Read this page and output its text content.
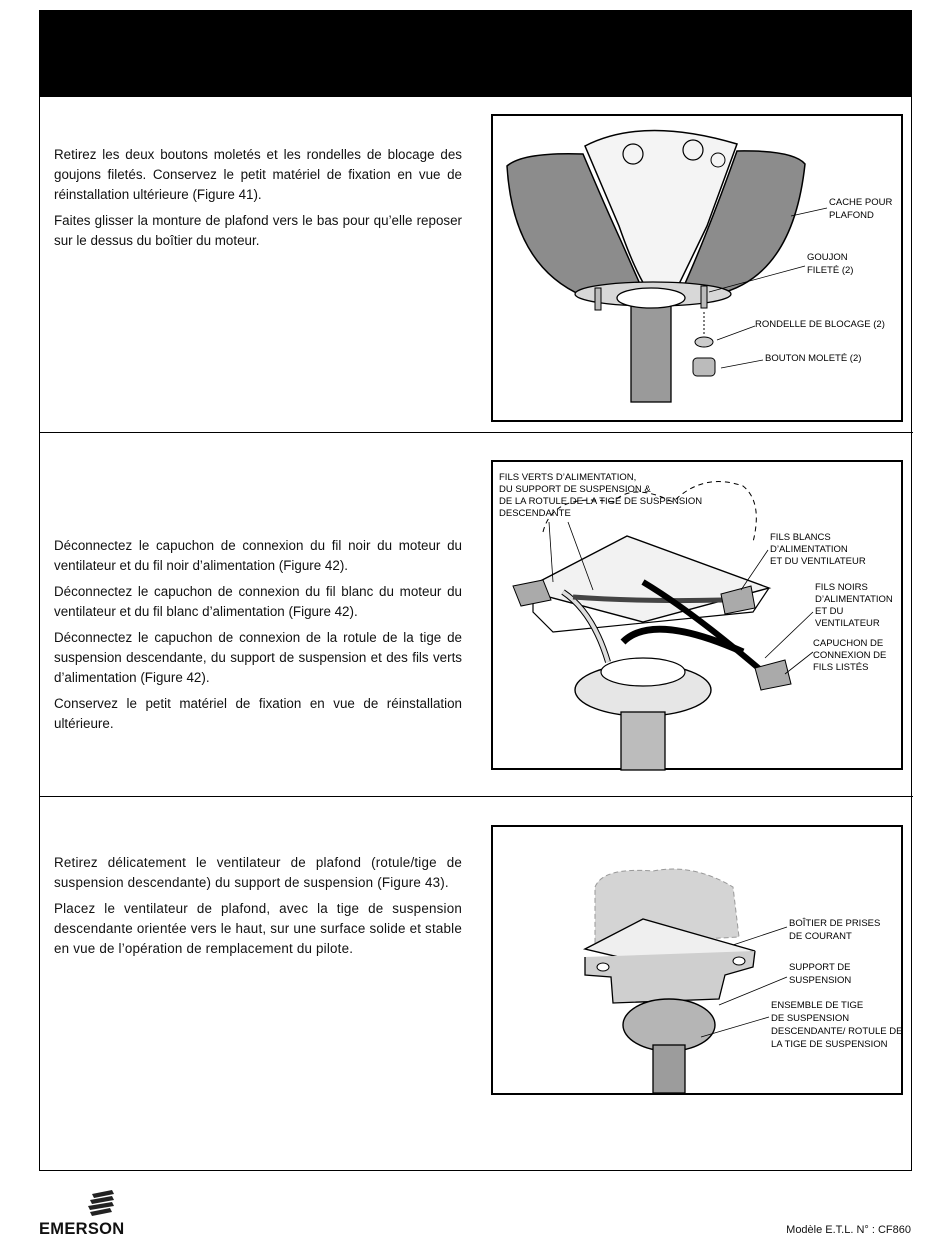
Retirez les deux boutons moletés et les rondelles de blocage des goujons filetés. Conservez le petit matériel de fixation en vue de réinstallation ultérieure (Figure 41).

Faites glisser la monture de plafond vers le bas pour qu’elle reposer sur le dessus du boîtier du moteur.

CACHE POUR
PLAFOND
GOUJON
FILETÉ (2)
RONDELLE DE BLOCAGE (2)
BOUTON MOLETÉ (2)

Déconnectez le capuchon de connexion du fil noir du moteur du ventilateur et du fil noir d’alimentation (Figure 42).

Déconnectez le capuchon de connexion du fil blanc du moteur du ventilateur et du fil blanc d’alimentation (Figure 42).

Déconnectez le capuchon de connexion de la rotule de la tige de suspension descendante, du support de suspension et des fils verts d’alimentation (Figure 42).

Conservez le petit matériel de fixation en vue de réinstallation ultérieure.

FILS VERTS D’ALIMENTATION,
DU SUPPORT DE SUSPENSION &
DE LA ROTULE DE LA TIGE DE SUSPENSION
DESCENDANTE
FILS BLANCS
D’ALIMENTATION
ET DU VENTILATEUR
FILS NOIRS
D’ALIMENTATION
ET DU
VENTILATEUR
CAPUCHON DE
CONNEXION DE
FILS LISTÉS

Retirez délicatement le ventilateur de plafond (rotule/tige de suspension descendante) du support de suspension (Figure 43).

Placez le ventilateur de plafond, avec la tige de suspension descendante orientée vers le haut, sur une surface solide et stable en vue de l’opération de remplacement du pilote.

BOÎTIER DE PRISES
DE COURANT
SUPPORT DE
SUSPENSION
ENSEMBLE DE TIGE
DE SUSPENSION
DESCENDANTE/ ROTULE DE
LA TIGE DE SUSPENSION
EMERSON	Modèle E.T.L. N° : CF860
